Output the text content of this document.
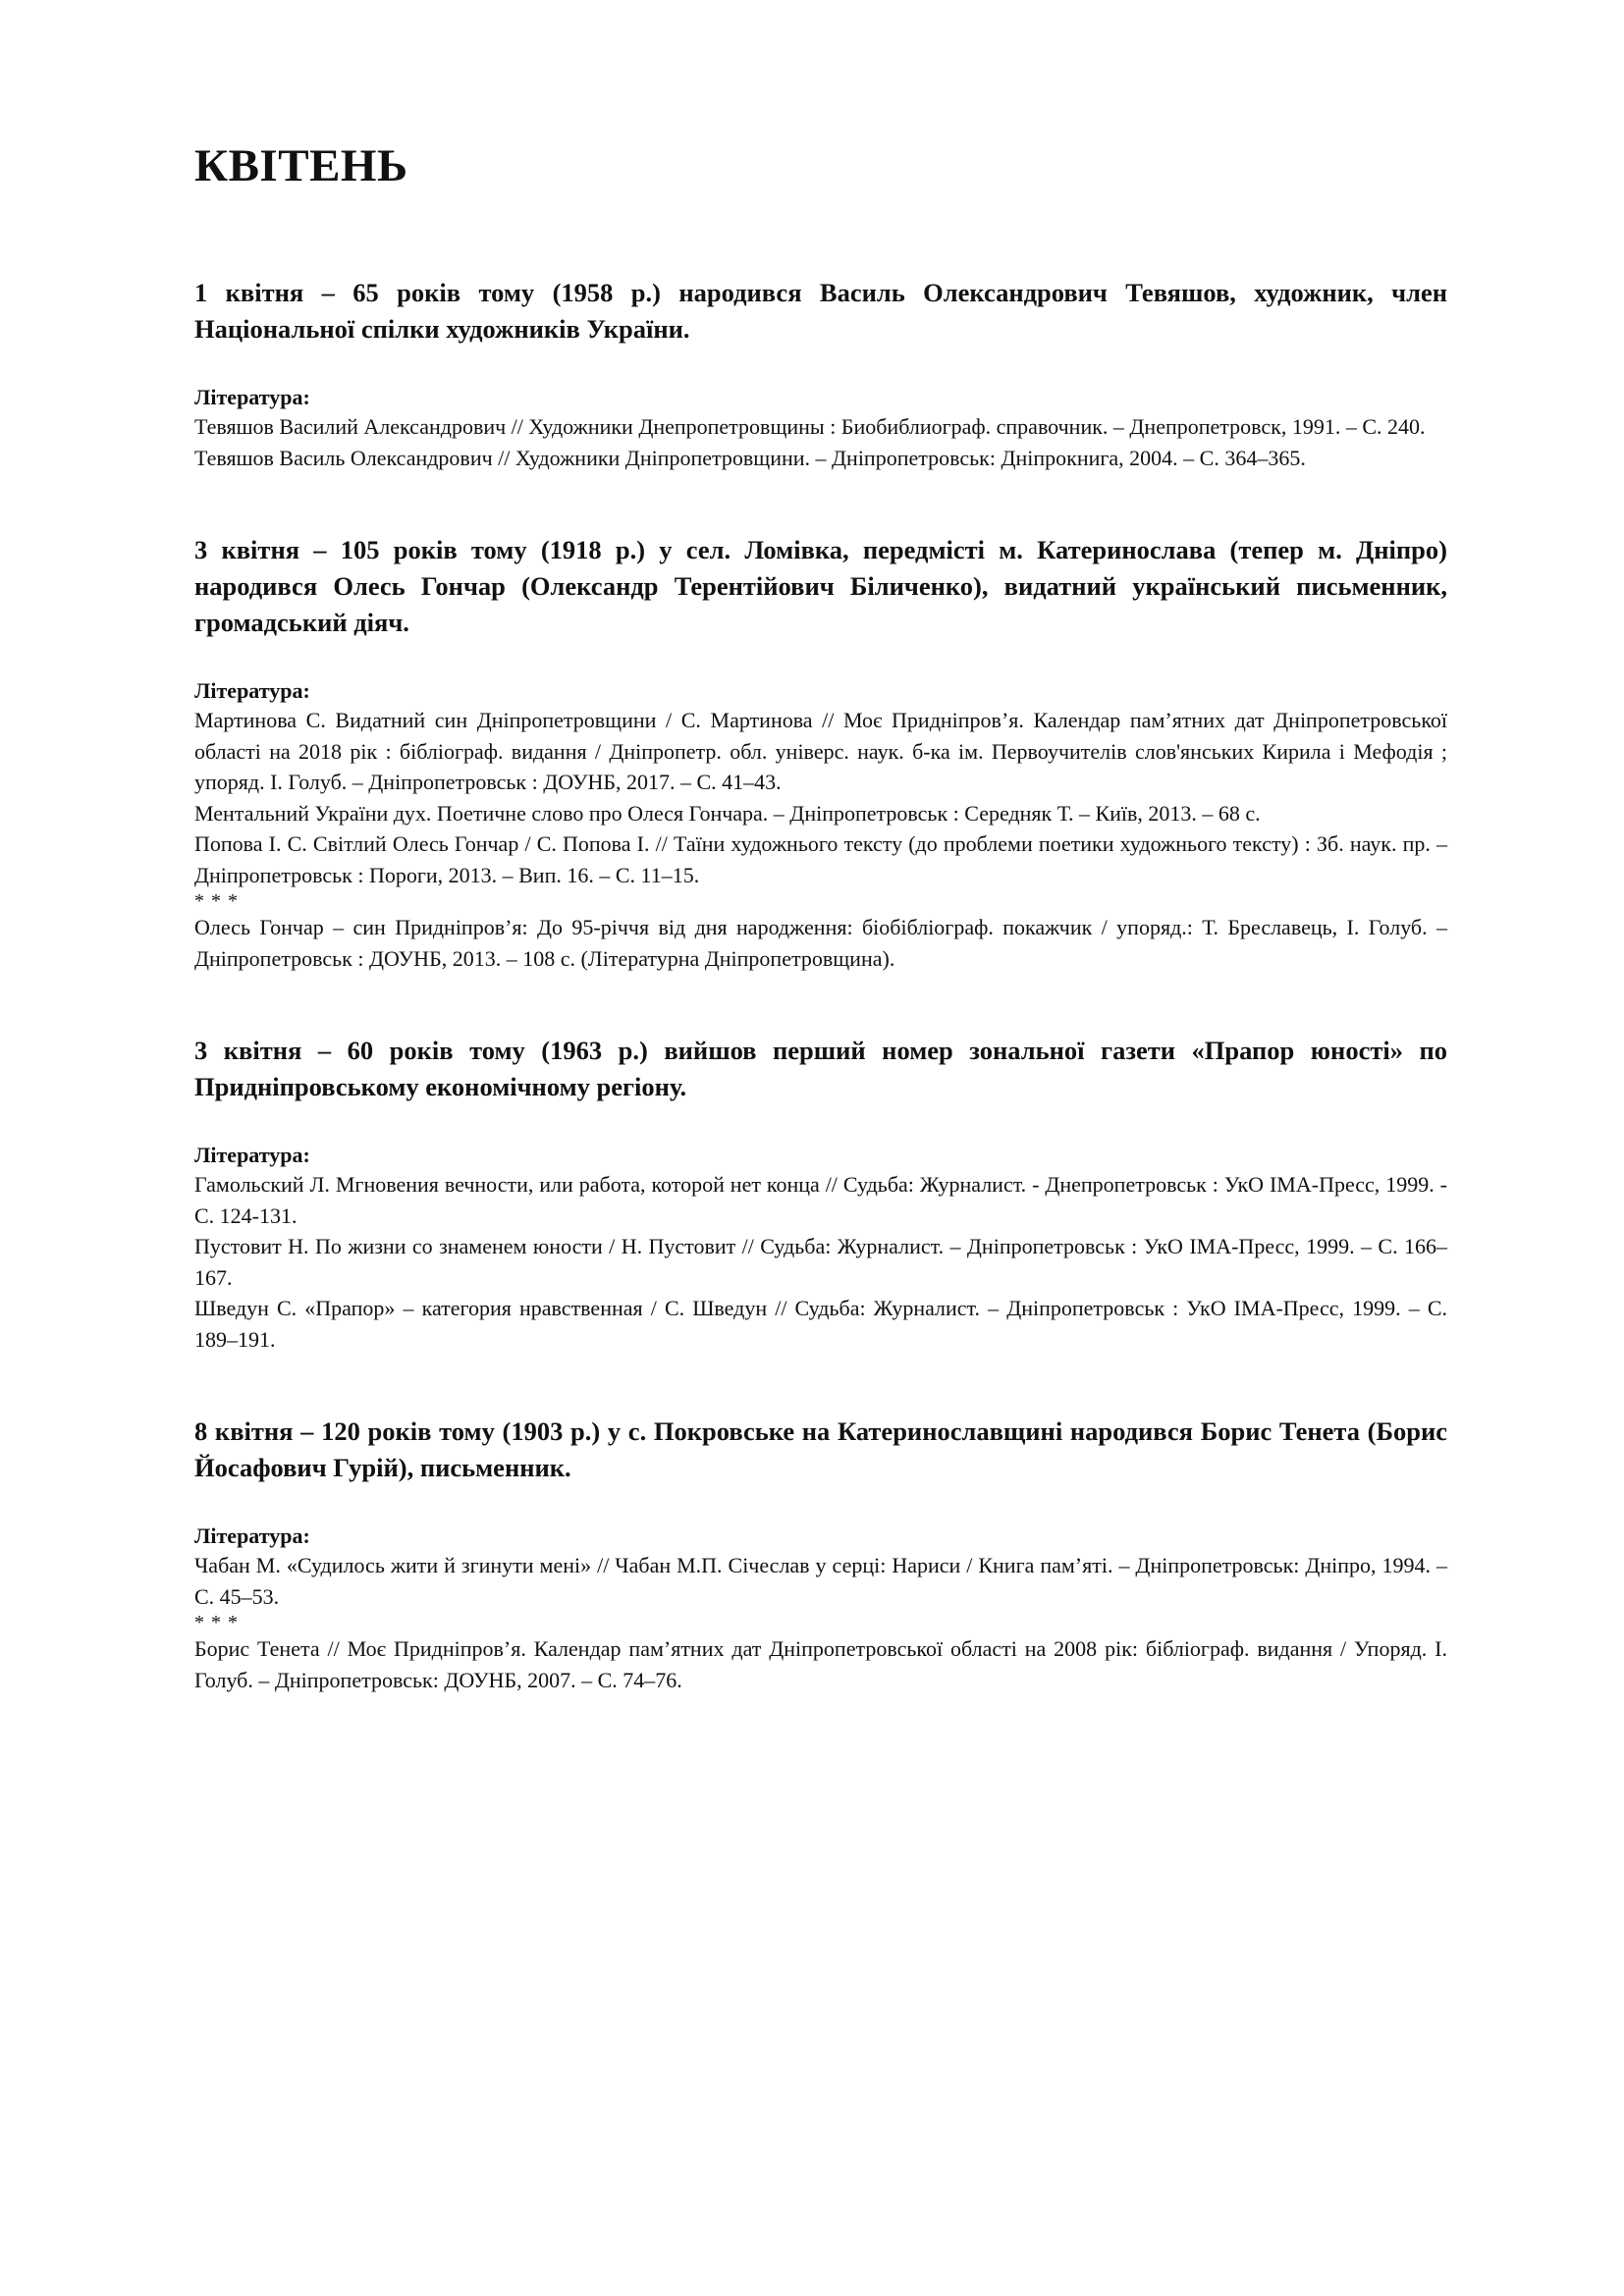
КВІТЕНЬ

1 квітня – 65 років тому (1958 р.) народився Василь Олександрович Тевяшов, художник, член Національної спілки художників України.

Література:

Тевяшов Василий Александрович // Художники Днепропетровщины : Биобиблиограф. справочник. – Днепропетровск, 1991. – С. 240.

Тевяшов Василь Олександрович // Художники Дніпропетровщини. – Дніпропетровськ: Дніпрокнига, 2004. – С. 364–365.

3 квітня – 105 років тому (1918 р.) у сел. Ломівка, передмісті м. Катеринослава (тепер м. Дніпро) народився Олесь Гончар (Олександр Терентійович Біличенко), видатний український письменник, громадський діяч.

Література:

Мартинова С. Видатний син Дніпропетровщини / С. Мартинова // Моє Придніпров’я. Календар пам’ятних дат Дніпропетровської області на 2018 рік : бібліограф. видання / Дніпропетр. обл. універс. наук. б-ка ім. Первоучителів слов'янських Кирила і Мефодія ; упоряд. І. Голуб. – Дніпропетровськ : ДОУНБ, 2017. – С. 41–43.

Ментальний України дух. Поетичне слово про Олеся Гончара. – Дніпропетровськ : Середняк Т. – Київ, 2013. – 68 с.

Попова І. С. Світлий Олесь Гончар / С. Попова І. // Таїни художнього тексту (до проблеми поетики художнього тексту) : Зб. наук. пр. – Дніпропетровськ : Пороги, 2013. – Вип. 16. – С. 11–15.

* * *

Олесь Гончар – син Придніпров’я: До 95-річчя від дня народження: біобібліограф. покажчик / упоряд.: Т. Бреславець, І. Голуб. – Дніпропетровськ : ДОУНБ, 2013. – 108 с. (Літературна Дніпропетровщина).

3 квітня – 60 років тому (1963 р.) вийшов перший номер зональної газети «Прапор юності» по Придніпровському економічному регіону.

Література:

Гамольский Л. Мгновения вечности, или работа, которой нет конца // Судьба: Журналист. - Днепропетровськ : УкО ІМА-Пресс, 1999. - С. 124-131.

Пустовит Н. По жизни со знаменем юности / Н. Пустовит // Судьба: Журналист. – Дніпропетровськ : УкО ІМА-Пресс, 1999. – С. 166–167.

Шведун С. «Прапор» – категория нравственная / С. Шведун // Судьба: Журналист. – Дніпропетровськ : УкО ІМА-Пресс, 1999. – С. 189–191.

8 квітня – 120 років тому (1903 р.) у с. Покровське на Катеринославщині народився Борис Тенета (Борис Йосафович Гурій), письменник.

Література:

Чабан М. «Судилось жити й згинути мені» // Чабан М.П. Січеслав у серці: Нариси / Книга пам’яті. – Дніпропетровськ: Дніпро, 1994. – С. 45–53.

* * *

Борис Тенета // Моє Придніпров’я. Календар пам’ятних дат Дніпропетровської області на 2008 рік: бібліограф. видання / Упоряд. І. Голуб. – Дніпропетровськ: ДОУНБ, 2007. – С. 74–76.
